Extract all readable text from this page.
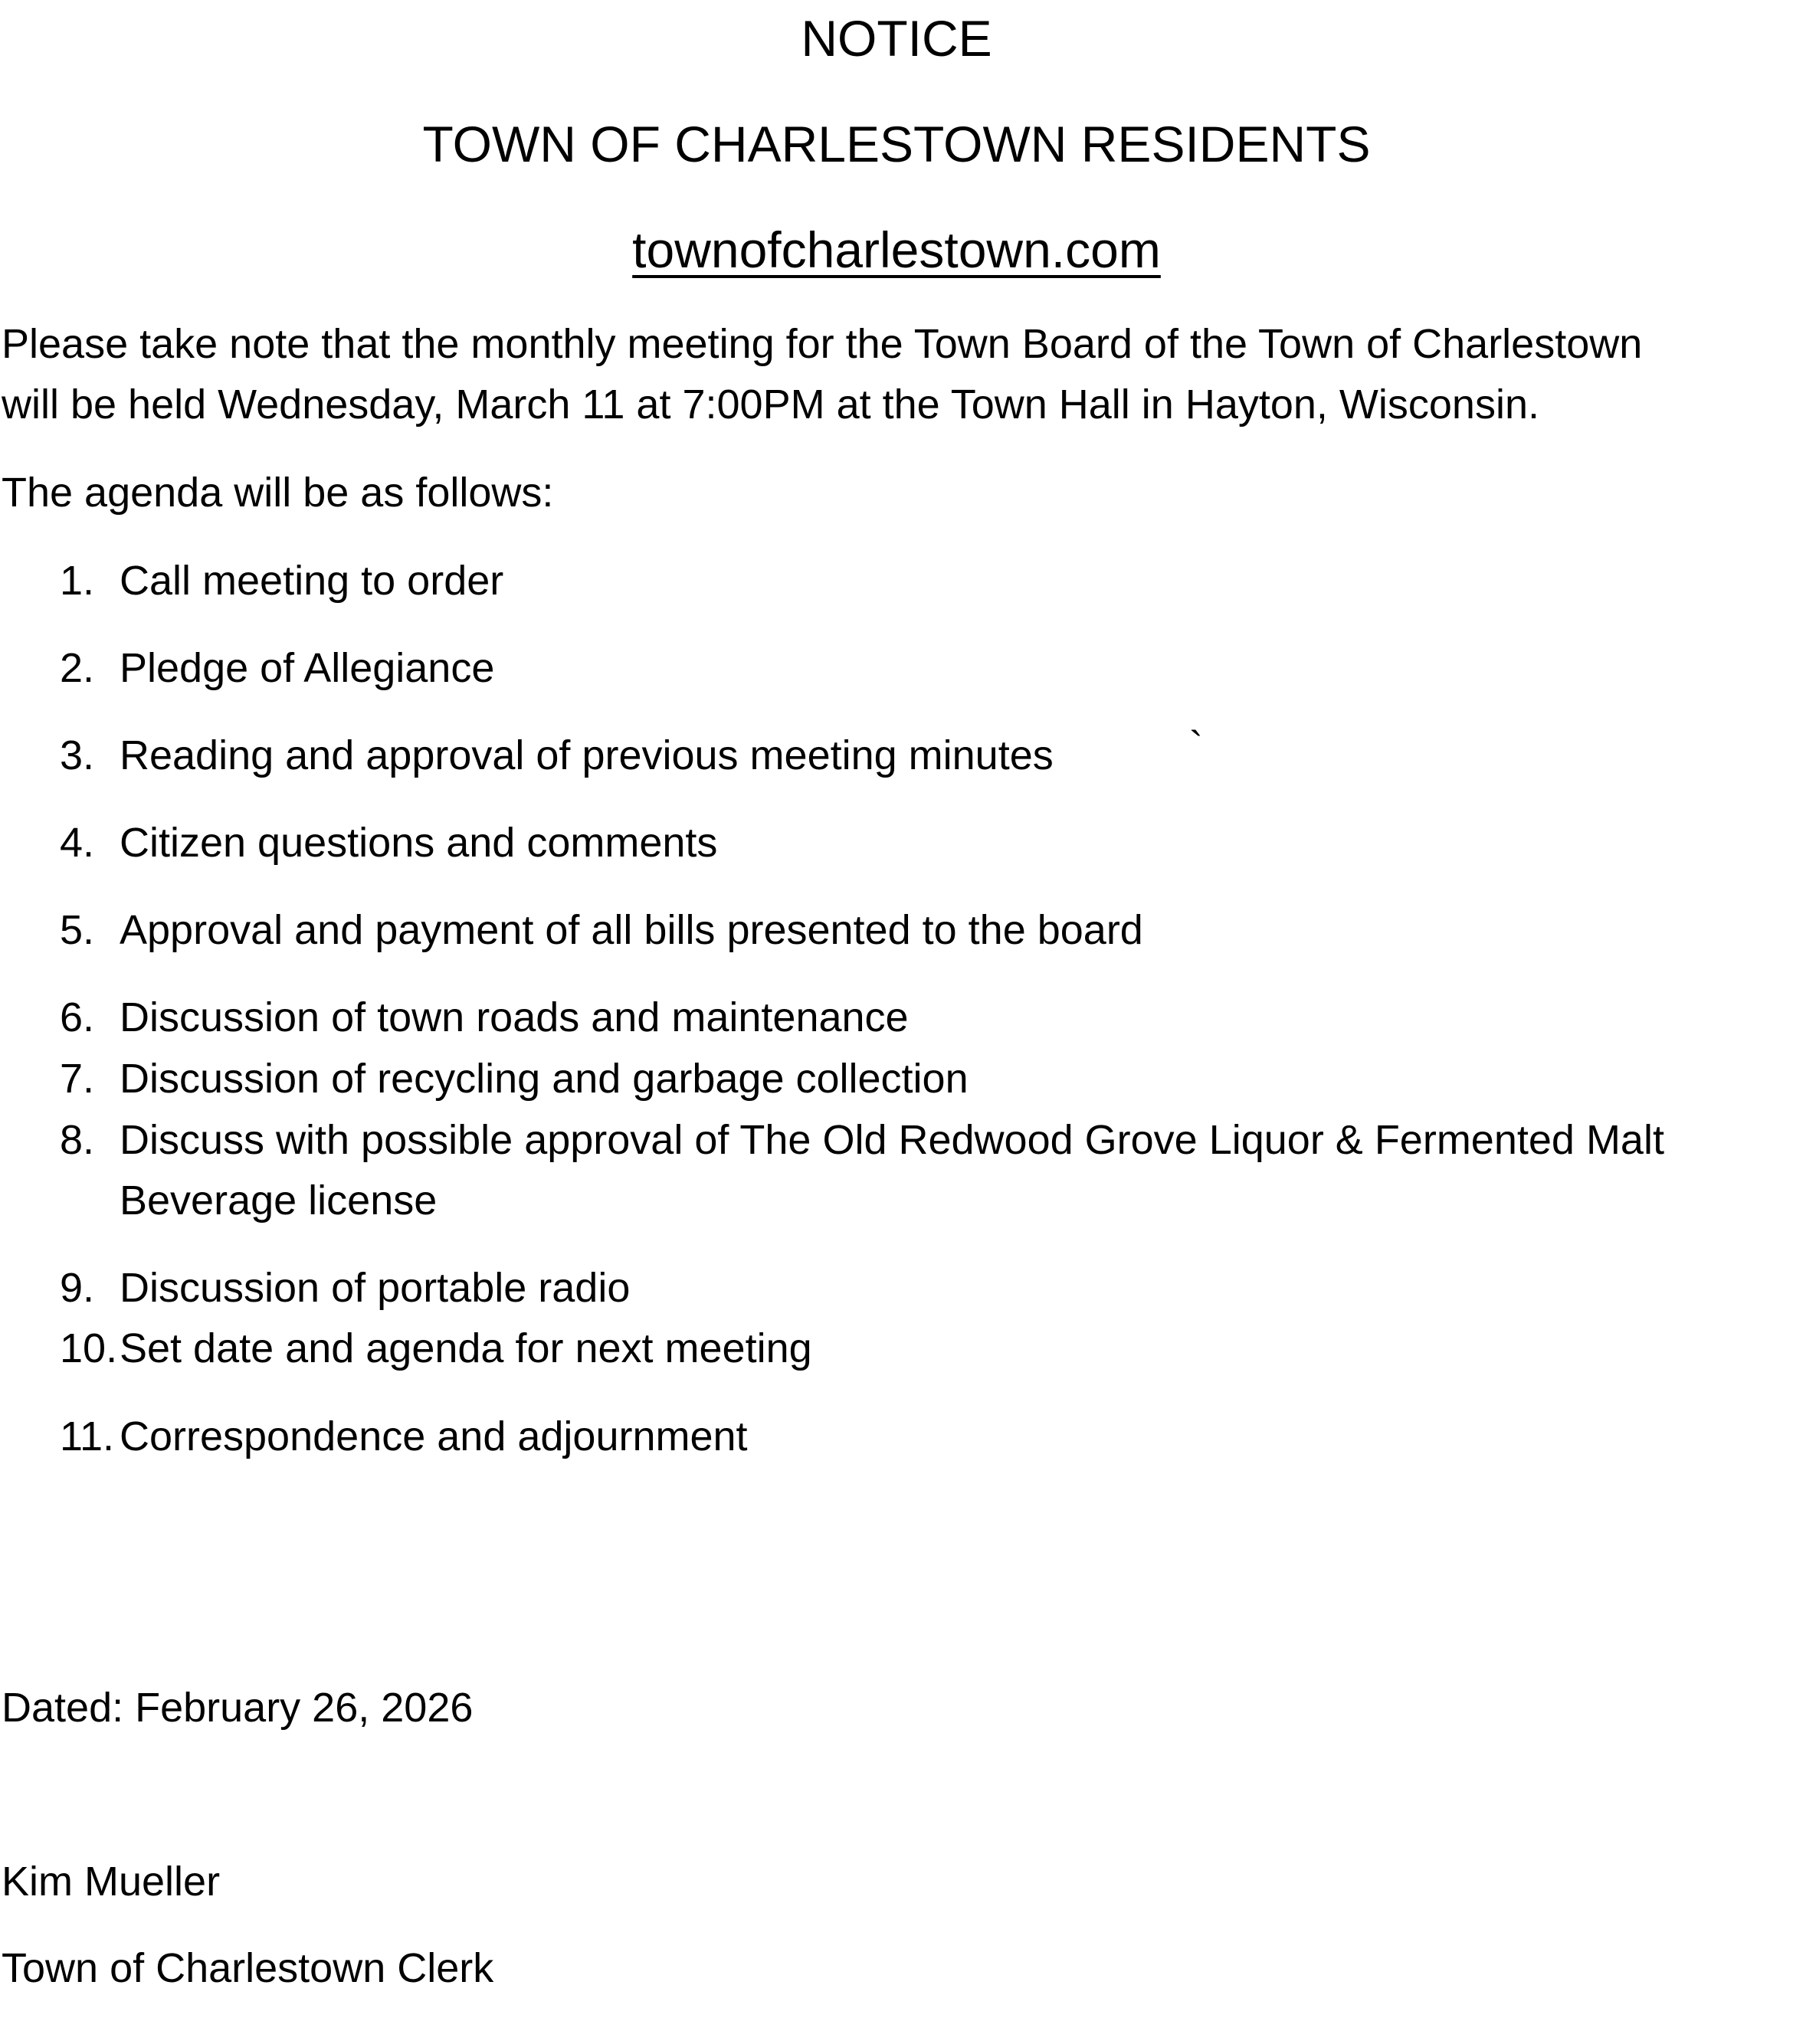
NOTICE
TOWN OF CHARLESTOWN RESIDENTS
townofcharlestown.com
Please take note that the monthly meeting for the Town Board of the Town of Charlestown
will be held Wednesday, March 11 at 7:00PM at the Town Hall in Hayton, Wisconsin.
The agenda will be as follows:
1. Call meeting to order
2. Pledge of Allegiance
3. Reading and approval of previous meeting minutes
4. Citizen questions and comments
5. Approval and payment of all bills presented to the board
6. Discussion of town roads and maintenance
7. Discussion of recycling and garbage collection
8. Discuss with possible approval of The Old Redwood Grove Liquor & Fermented Malt Beverage license
9. Discussion of portable radio
10. Set date and agenda for next meeting
11. Correspondence and adjournment
`
Dated: February 26, 2026
Kim Mueller
Town of Charlestown Clerk
